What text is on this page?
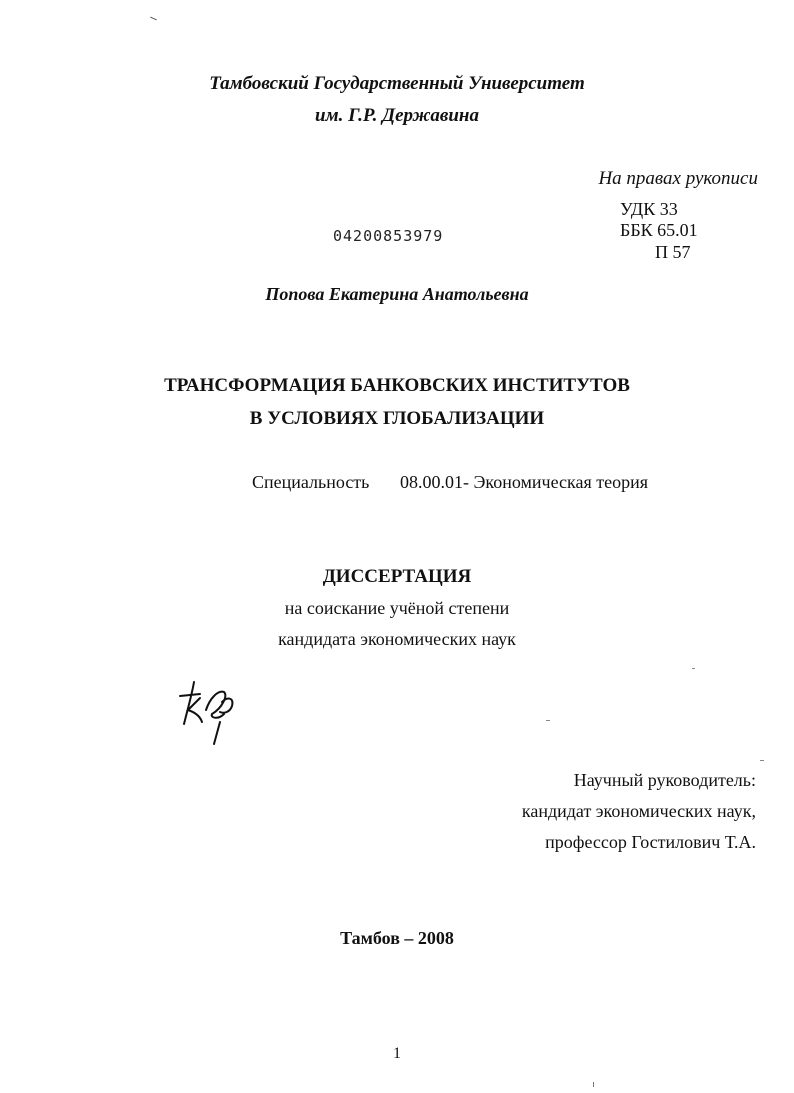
Тамбовский Государственный Университет
им. Г.Р. Державина
На правах рукописи
УДК 33
ББК 65.01
П 57
04200853979
Попова Екатерина Анатольевна
ТРАНСФОРМАЦИЯ БАНКОВСКИХ ИНСТИТУТОВ
В УСЛОВИЯХ ГЛОБАЛИЗАЦИИ
Специальность 08.00.01- Экономическая теория
ДИССЕРТАЦИЯ
на соискание учёной степени
кандидата экономических наук
Научный руководитель:
кандидат экономических наук,
профессор Гостилович Т.А.
Тамбов – 2008
1
